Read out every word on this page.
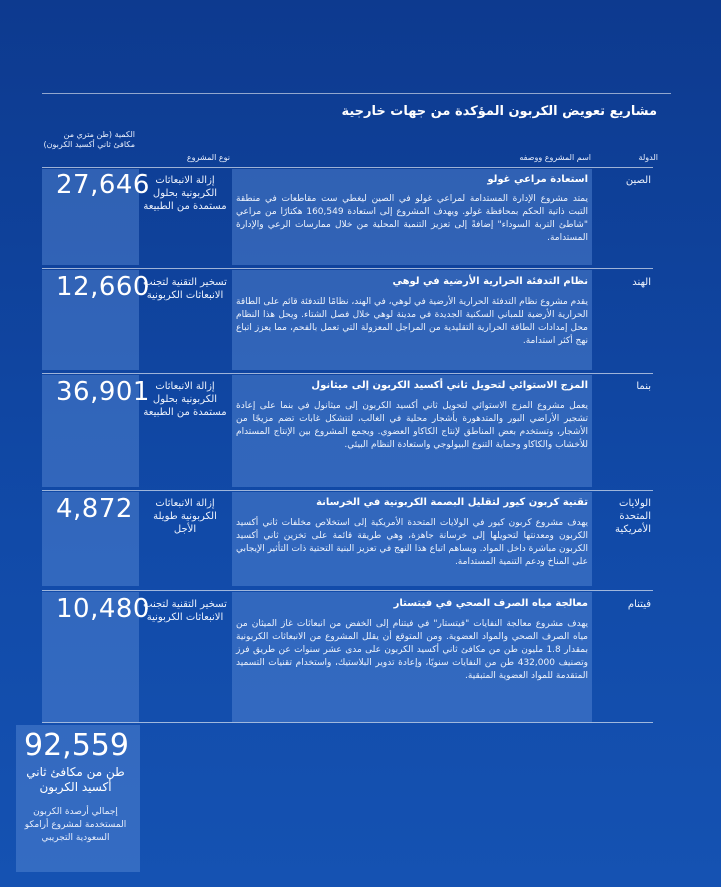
مشاريع تعويض الكربون المؤكدة من جهات خارجية
الدولة
اسم المشروع ووصفه
نوع المشروع
الكمية (طن متري من مكافئ ثاني أكسيد الكربون)
27,646 إزالة الانبعاثات الكربونية بحلول مستمدة من الطبيعة
الصين
استعادة مراعي غولو
يمتد مشروع الإدارة المستدامة لمراعي غولو في الصين ليغطي ست مقاطعات في منطقة التبت ذاتية الحكم بمحافظة غولو. ويهدف المشروع إلى استعادة 160,549 هكتارًا من مراعي "شاطئ التربة السوداء" إضافةً إلى تعزيز التنمية المحلية من خلال ممارسات الرعي والإدارة المستدامة.
12,660
تسخير التقنية لتجنب الانبعاثات الكربونية
الهند
نظام التدفئة الحرارية الأرضية في لوهي
يقدم مشروع نظام التدفئة الحرارية الأرضية في لوهي، في الهند، نظامًا للتدفئة قائم على الطاقة الحرارية الأرضية للمباني السكنية الجديدة في مدينة لوهي خلال فصل الشتاء. ويحل هذا النظام محل إمدادات الطاقة الحرارية التقليدية من المراجل المعزولة التي تعمل بالفحم، مما يعزز اتباع نهج أكثر استدامة.
36,901 إزالة الانبعاثات الكربونية بحلول مستمدة من الطبيعة
بنما
المزج الاستوائي لتحويل ثاني أكسيد الكربون إلى ميثانول
يعمل مشروع المزج الاستوائي لتحويل ثاني أكسيد الكربون إلى ميثانول في بنما على إعادة تشجير الأراضي البور والمتدهورة بأشجار محلية في الغالب، لتتشكل غابات تضم مزيجًا من الأشجار، وتستخدم بعض المناطق لإنتاج الكاكاو العضوي. ويجمع المشروع بين الإنتاج المستدام للأخشاب والكاكاو وحماية التنوع البيولوجي واستعادة النظام البيئي.
4,872	إزالة الانبعاثات الكربونية طويلة الأجل
الولايات المتحدة الأمريكية
تقنية كربون كيور لتقليل البصمة الكربونية في الخرسانة
يهدف مشروع كربون كيور في الولايات المتحدة الأمريكية إلى استخلاص مخلفات ثاني أكسيد الكربون ومعدنتها لتحويلها إلى خرسانة جاهزة، وهي طريقة قائمة على تخزين ثاني أكسيد الكربون مباشرة داخل المواد. ويساهم اتباع هذا النهج في تعزيز البنية التحتية ذات التأثير الإيجابي على المناخ ودعم التنمية المستدامة.
10,480
تسخير التقنية لتجنب الانبعاثات الكربونية
فيتنام
معالجة مياه الصرف الصحي في فيتستار
يهدف مشروع معالجة النفايات "فيتستار" في فيتنام إلى الخفض من انبعاثات غاز الميثان من مياه الصرف الصحي والمواد العضوية. ومن المتوقع أن يقلل المشروع من الانبعاثات الكربونية بمقدار 1.8 مليون طن من مكافئ ثاني أكسيد الكربون على مدى عشر سنوات عن طريق فرز وتصنيف 432,000 طن من النفايات سنويًا، وإعادة تدوير البلاستيك، واستخدام تقنيات التسميد المتقدمة للمواد العضوية المتبقية.
92,559
طن من مكافئ ثاني أكسيد الكربون
إجمالي أرصدة الكربون المستخدمة لمشروع أرامكو السعودية التجريبي
